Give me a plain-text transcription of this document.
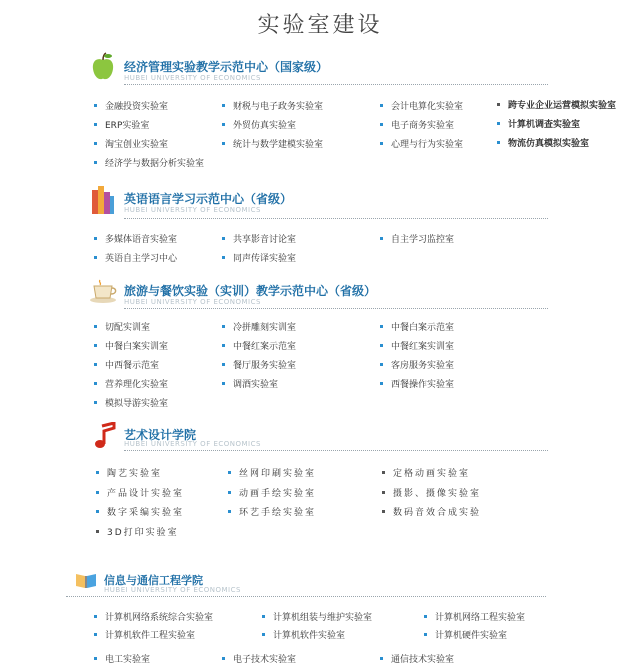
实验室建设
经济管理实验教学示范中心（国家级）
HUBEI UNIVERSITY OF ECONOMICS
金融投资实验室	财税与电子政务实验室	会计电算化实验室	跨专业企业运营模拟实验室
ERP实验室	外贸仿真实验室	电子商务实验室	计算机调查实验室
淘宝创业实验室	统计与数学建模实验室	心理与行为实验室	物流仿真模拟实验室
经济学与数据分析实验室
英语语言学习示范中心（省级）
HUBEI UNIVERSITY OF ECONOMICS
多媒体语音实验室	共享影音讨论室	自主学习监控室
英语自主学习中心	同声传译实验室
旅游与餐饮实验（实训）教学示范中心（省级）
HUBEI UNIVERSITY OF ECONOMICS
切配实训室	冷拼雕刻实训室	中餐白案示范室
中餐白案实训室	中餐红案示范室	中餐红案实训室
中西餐示范室	餐厅服务实验室	客房服务实验室
营养理化实验室	调酒实验室	西餐操作实验室
模拟导游实验室
艺术设计学院
HUBEI UNIVERSITY OF ECONOMICS
陶艺实验室	丝网印刷实验室	定格动画实验室
产品设计实验室	动画手绘实验室	摄影、摄像实验室
数字采编实验室	环艺手绘实验室	数码音效合成实验
3D打印实验室
信息与通信工程学院
HUBEI UNIVERSITY OF ECONOMICS
计算机网络系统综合实验室	计算机组装与维护实验室	计算机网络工程实验室
计算机软件工程实验室	计算机软件实验室	计算机硬件实验室
电工实验室	电子技术实验室	通信技术实验室
